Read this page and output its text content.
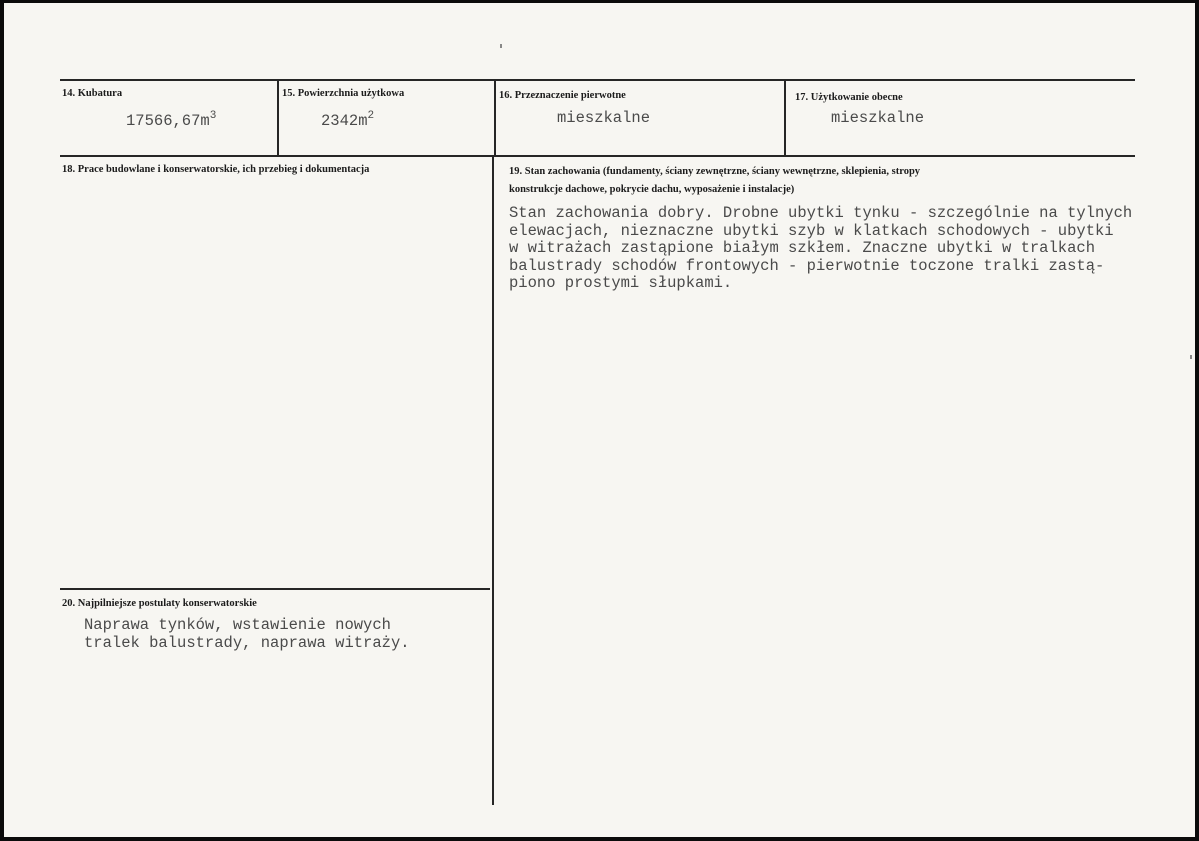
14. Kubatura
$17566,67m^3$
15. Powierzchnia użytkowa
$2342m^2$
16. Przeznaczenie pierwotne
mieszkalne
17. Użytkowanie obecne
mieszkalne
18. Prace budowlane i konserwatorskie, ich przebieg i dokumentacja	19. Stan zachowania (fundamenty, ściany zewnętrzne, ściany wewnętrzne, sklepienia, stropy
konstrukcje dachowe, pokrycie dachu, wyposażenie i instalacje)
Stan zachowania dobry. Drobne ubytki tynku - szczególnie na tylnych
elewacjach, nieznaczne ubytki szyb w klatkach schodowych - ubytki
w witrażach zastąpione białym szkłem. Znaczne ubytki w tralkach
balustrady schodów frontowych - pierwotnie toczone tralki zastą-
piono prostymi słupkami.
20. Najpilniejsze postulaty konserwatorskie
Naprawa tynków, wstawienie nowych
tralek balustrady, naprawa witraży.
